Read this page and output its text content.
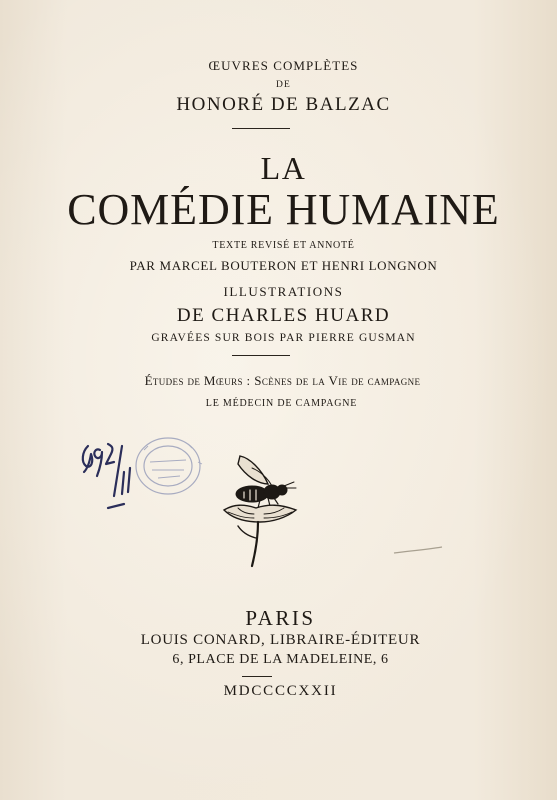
ŒUVRES COMPLÈTES
DE
HONORÉ DE BALZAC
LA
COMÉDIE HUMAINE
TEXTE REVISÉ ET ANNOTÉ
PAR MARCEL BOUTERON ET HENRI LONGNON
ILLUSTRATIONS
DE CHARLES HUARD
GRAVÉES SUR BOIS PAR PIERRE GUSMAN
Études de Mœurs : Scènes de la Vie de campagne
LE MÉDECIN DE CAMPAGNE
PARIS
LOUIS CONARD, LIBRAIRE-ÉDITEUR
6, PLACE DE LA MADELEINE, 6
MDCCCCXXII
